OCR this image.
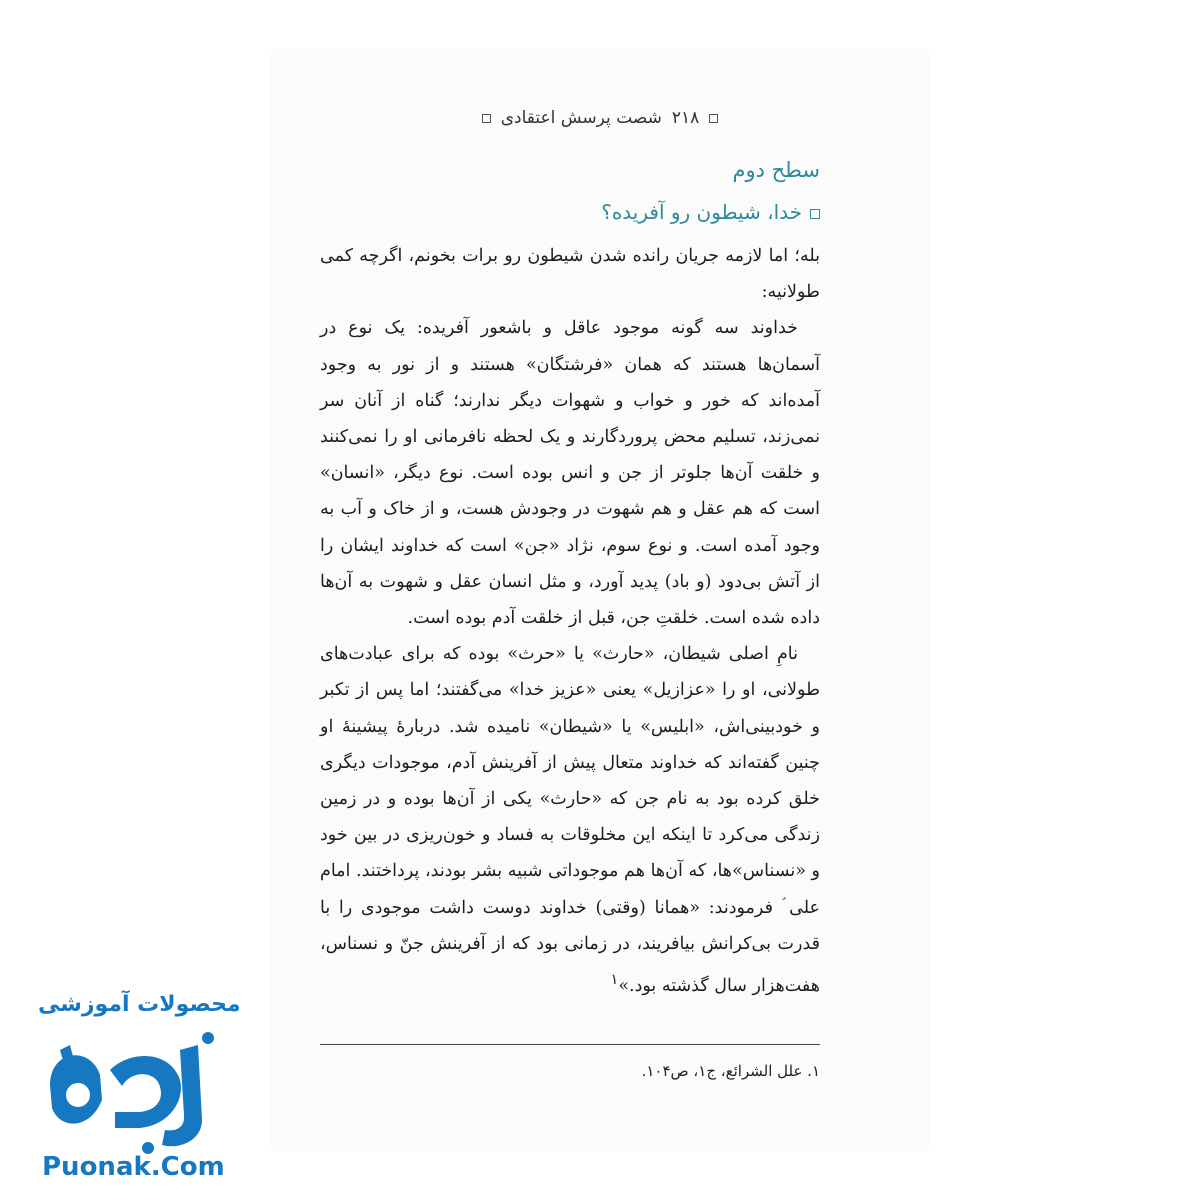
۲۱۸شصت پرسش اعتقادی
سطح دوم
خدا، شیطون رو آفریده؟

بله؛ اما لازمه جریان رانده شدن شیطون رو برات بخونم، اگرچه کمی طولانیه:

خداوند سه گونه موجود عاقل و باشعور آفریده: یک نوع در آسمان‌ها هستند که همان «فرشتگان» هستند و از نور به وجود آمده‌اند که خور و خواب و شهوات دیگر ندارند؛ گناه از آنان سر نمی‌زند، تسلیم محض پروردگارند و یک لحظه نافرمانی او را نمی‌کنند و خلقت آن‌ها جلوتر از جن و انس بوده است. نوع دیگر، «انسان» است که هم عقل و هم شهوت در وجودش هست، و از خاک و آب به وجود آمده است. و نوع سوم، نژاد «جن» است که خداوند ایشان را از آتش بی‌دود (و باد) پدید آورد، و مثل انسان عقل و شهوت به آن‌ها داده شده است. خلقتِ جن، قبل از خلقت آدم بوده است.

نامِ اصلی شیطان، «حارث» یا «حرث» بوده که برای عبادت‌های طولانی، او را «عزازیل» یعنی «عزیز خدا» می‌گفتند؛ اما پس از تکبر و خودبینی‌اش، «ابلیس» یا «شیطان» نامیده شد. دربارهٔ پیشینهٔ او چنین گفته‌اند که خداوند متعال پیش از آفرینش آدم، موجودات دیگری خلق کرده بود به نام جن که «حارث» یکی از آن‌ها بوده و در زمین زندگی می‌کرد تا اینکه این مخلوقات به فساد و خون‌ریزی در بین خود و «نسناس»ها، که آن‌ها هم موجوداتی شبیه بشر بودند، پرداختند. امام علی ؑ فرمودند: «همانا (وقتی) خداوند دوست داشت موجودی را با قدرت بی‌کرانش بیافریند، در زمانی بود که از آفرینش جنّ و نسناس، هفت‌هزار سال گذشته بود.»$^۱$

۱. علل الشرائع، ج۱، ص۱۰۴.
محصولات آموزشی
Puonak.Com
